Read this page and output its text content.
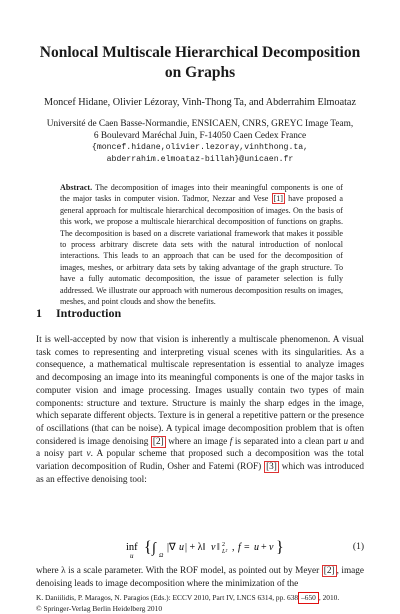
Nonlocal Multiscale Hierarchical Decomposition
on Graphs
Moncef Hidane, Olivier Lézoray, Vinh-Thong Ta, and Abderrahim Elmoataz
Université de Caen Basse-Normandie, ENSICAEN, CNRS, GREYC Image Team,
6 Boulevard Maréchal Juin, F-14050 Caen Cedex France
{moncef.hidane,olivier.lezoray,vinhthong.ta,
abderrahim.elmoataz-billah}@unicaen.fr
Abstract. The decomposition of images into their meaningful components is one of the major tasks in computer vision. Tadmor, Nezzar and Vese [1] have proposed a general approach for multiscale hierarchical decomposition of images. On the basis of this work, we propose a multiscale hierarchical decomposition of functions on graphs. The decomposition is based on a discrete variational framework that makes it possible to process arbitrary discrete data sets with the natural introduction of nonlocal interactions. This leads to an approach that can be used for the decomposition of images, meshes, or arbitrary data sets by taking advantage of the graph structure. To have a fully automatic decomposition, the issue of parameter selection is fully addressed. We illustrate our approach with numerous decomposition results on images, meshes, and point clouds and show the benefits.
1 Introduction

It is well-accepted by now that vision is inherently a multiscale phenomenon. A visual task comes to representing and interpreting visual scenes with its singularities. As a consequence, a mathematical multiscale representation is essential to analyze images and decomposing an image into its meaningful components is one of the major tasks in computer vision and image processing. Images usually contain two types of main components: structure and texture. Structure is mainly the sharp edges in the image, which separate different objects. Texture is in general a repetitive pattern or the presence of oscillations (that can be noise). A typical image decomposition problem that is often considered is image denoising [2] where an image f is separated into a clean part u and a noisy part v. A popular scheme that proposed such a decomposition was the total variation decomposition of Rudin, Osher and Fatemi (ROF) [3] which was introduced as an effective denoising tool:

inf
u { ∫ Ω
|∇ u | + λ‖ v ‖ 2
L² , f = u + v }	(1)
where λ is a scale parameter. With the ROF model, as pointed out by Meyer [2] , image denoising leads to image decomposition where the minimization of the
K. Daniilidis, P. Maragos, N. Paragios (Eds.): ECCV 2010, Part IV, LNCS 6314, pp. 638 –650 , 2010.
© Springer-Verlag Berlin Heidelberg 2010
